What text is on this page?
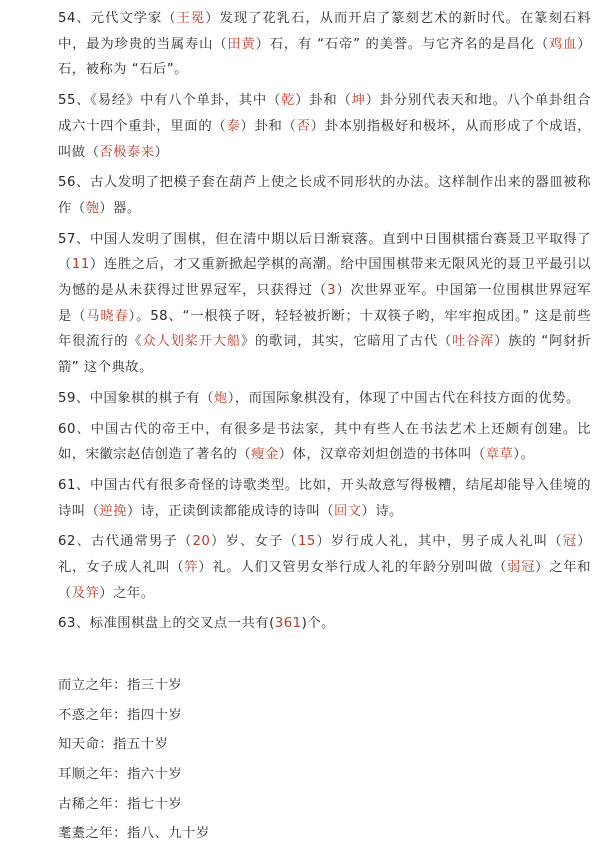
54、元代文学家（王冕）发现了花乳石，从而开启了篆刻艺术的新时代。在篆刻石料中，最为珍贵的当属寿山（田黄）石，有 “石帝” 的美誉。与它齐名的是昌化（鸡血）石，被称为 “石后”。

55、《易经》中有八个单卦，其中（乾）卦和（坤）卦分别代表天和地。八个单卦组合成六十四个重卦，里面的（泰）卦和（否）卦本别指极好和极坏，从而形成了个成语，叫做（否极泰来）

56、古人发明了把模子套在葫芦上使之长成不同形状的办法。这样制作出来的器皿被称作（匏）器。

57、中国人发明了围棋，但在清中期以后日渐衰落。直到中日围棋擂台赛聂卫平取得了（11）连胜之后，才又重新掀起学棋的高潮。给中国围棋带来无限风光的聂卫平最引以为憾的是从未获得过世界冠军，只获得过（3）次世界亚军。中国第一位围棋世界冠军是（马晓春）。58、“一根筷子呀，轻轻被折断；十双筷子哟，牢牢抱成团。” 这是前些年很流行的《众人划桨开大船》的歌词，其实，它暗用了古代（吐谷浑）族的 “阿豺折箭” 这个典故。

59、中国象棋的棋子有（炮），而国际象棋没有，体现了中国古代在科技方面的优势。

60、中国古代的帝王中，有很多是书法家，其中有些人在书法艺术上还颇有创建。比如，宋徽宗赵佶创造了著名的（瘦金）体，汉章帝刘炟创造的书体叫（章草）。

61、中国古代有很多奇怪的诗歌类型。比如，开头故意写得极糟，结尾却能导入佳境的诗叫（逆挽）诗，正读倒读都能成诗的诗叫（回文）诗。

62、古代通常男子（20）岁、女子（15）岁行成人礼，其中，男子成人礼叫（冠）礼，女子成人礼叫（笄）礼。人们又管男女举行成人礼的年龄分别叫做（弱冠）之年和（及笄）之年。

63、标准围棋盘上的交叉点一共有(361)个。

而立之年：指三十岁
不惑之年：指四十岁
知天命：指五十岁
耳顺之年：指六十岁
古稀之年：指七十岁
耄耋之年：指八、九十岁
